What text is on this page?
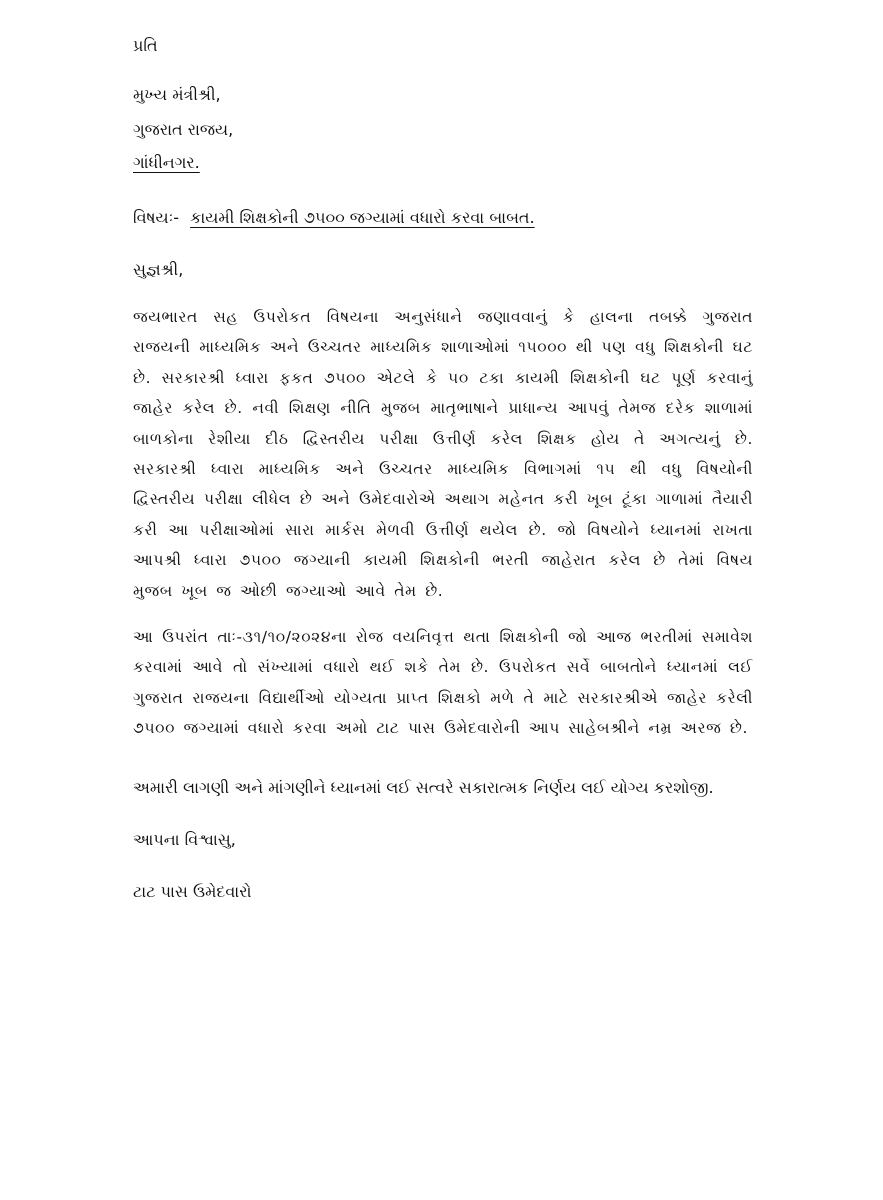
પ્રતિ
મુખ્ય મંત્રીશ્રી,
ગુજરાત રાજય,
ગાંધીનગર.
વિષયઃ- કાયમી શિક્ષકોની ૭૫૦૦ જગ્યામાં વધારો કરવા બાબત.
સુજ્ઞશ્રી,
જયભારત સહ ઉપરોકત વિષયના અનુસંધાને જણાવવાનું કે હાલના તબક્કે ગુજરાત રાજયની માધ્યમિક અને ઉચ્ચતર માધ્યમિક શાળાઓમાં ૧૫૦૦૦ થી પણ વધુ શિક્ષકોની ઘટ છે. સરકારશ્રી ધ્વારા ફકત ૭૫૦૦ એટલે કે ૫૦ ટકા કાયમી શિક્ષકોની ઘટ પૂર્ણ કરવાનું જાહેર કરેલ છે. નવી શિક્ષણ નીતિ મુજબ માતૃભાષાને પ્રાધાન્ય આપવું તેમજ દરેક શાળામાં બાળકોના રેશીયા દીઠ દ્વિસ્તરીય પરીક્ષા ઉત્તીર્ણ કરેલ શિક્ષક હોય તે અગત્યનું છે. સરકારશ્રી ધ્વારા માધ્યમિક અને ઉચ્ચતર માધ્યમિક વિભાગમાં ૧૫ થી વધુ વિષયોની દ્વિસ્તરીય પરીક્ષા લીધેલ છે અને ઉમેદવારોએ અથાગ મહેનત કરી ખૂબ ટૂંકા ગાળામાં તૈયારી કરી આ પરીક્ષાઓમાં સારા માર્કસ મેળવી ઉત્તીર્ણ થયેલ છે. જો વિષયોને ધ્યાનમાં રાખતા આપશ્રી ધ્વારા ૭૫૦૦ જગ્યાની કાયમી શિક્ષકોની ભરતી જાહેરાત કરેલ છે તેમાં વિષય મુજબ ખૂબ જ ઓછી જગ્યાઓ આવે તેમ છે.
આ ઉપરાંત તાઃ-૩૧/૧૦/૨૦૨૪ના રોજ વયનિવૃત્ત થતા શિક્ષકોની જો આજ ભરતીમાં સમાવેશ કરવામાં આવે તો સંખ્યામાં વધારો થઈ શકે તેમ છે. ઉપરોકત સર્વે બાબતોને ધ્યાનમાં લઈ ગુજરાત રાજયના વિદ્યાર્થીઓ યોગ્યતા પ્રાપ્ત શિક્ષકો મળે તે માટે સરકારશ્રીએ જાહેર કરેલી ૭૫૦૦ જગ્યામાં વધારો કરવા અમો ટાટ પાસ ઉમેદવારોની આપ સાહેબશ્રીને નમ્ર અરજ છે.
અમારી લાગણી અને માંગણીને ધ્યાનમાં લઈ સત્વરે સકારાત્મક નિર્ણય લઈ યોગ્ય કરશોજી.
આપના વિશ્વાસુ,
ટાટ પાસ ઉમેદવારો
